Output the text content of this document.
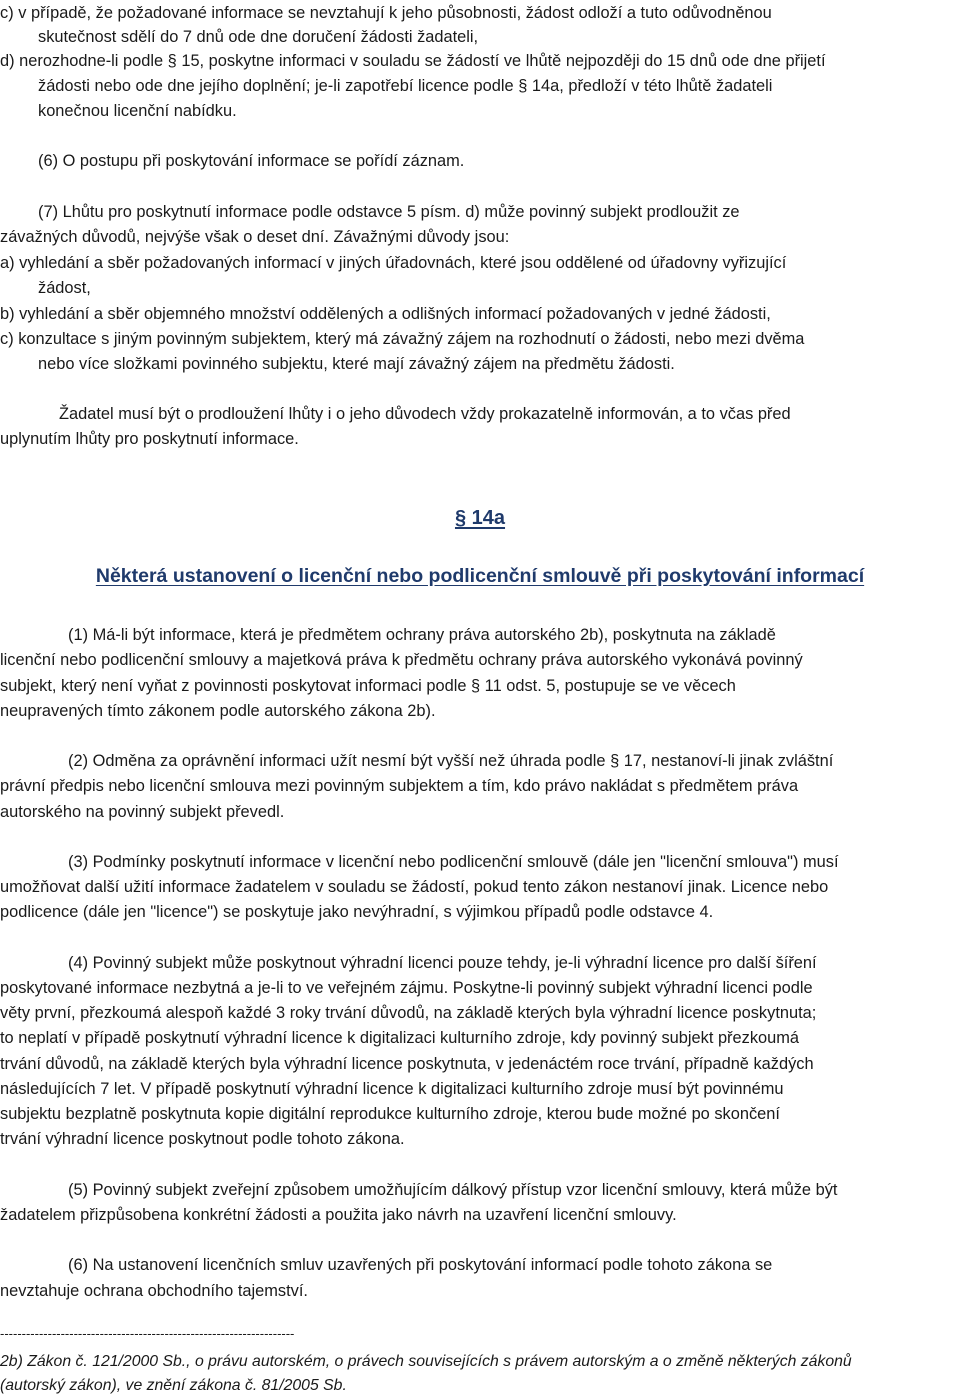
c) v případě, že požadované informace se nevztahují k jeho působnosti, žádost odloží a tuto odůvodněnou
skutečnost sdělí do 7 dnů ode dne doručení žádosti žadateli,
d) nerozhodne-li podle § 15, poskytne informaci v souladu se žádostí ve lhůtě nejpozději do 15 dnů ode dne přijetí
žádosti nebo ode dne jejího doplnění; je-li zapotřebí licence podle § 14a, předloží v této lhůtě žadateli
konečnou licenční nabídku.
(6) O postupu při poskytování informace se pořídí záznam.
(7) Lhůtu pro poskytnutí informace podle odstavce 5 písm. d) může povinný subjekt prodloužit ze
závažných důvodů, nejvýše však o deset dní. Závažnými důvody jsou:
a) vyhledání a sběr požadovaných informací v jiných úřadovnách, které jsou oddělené od úřadovny vyřizující
žádost,
b) vyhledání a sběr objemného množství oddělených a odlišných informací požadovaných v jedné žádosti,
c) konzultace s jiným povinným subjektem, který má závažný zájem na rozhodnutí o žádosti, nebo mezi dvěma
nebo více složkami povinného subjektu, které mají závažný zájem na předmětu žádosti.
Žadatel musí být o prodloužení lhůty i o jeho důvodech vždy prokazatelně informován, a to včas před
uplynutím lhůty pro poskytnutí informace.
§ 14a
Některá ustanovení o licenční nebo podlicenční smlouvě při poskytování informací
(1) Má-li být informace, která je předmětem ochrany práva autorského 2b), poskytnuta na základě
licenční nebo podlicenční smlouvy a majetková práva k předmětu ochrany práva autorského vykonává povinný
subjekt, který není vyňat z povinnosti poskytovat informaci podle § 11 odst. 5, postupuje se ve věcech
neupravených tímto zákonem podle autorského zákona 2b).
(2) Odměna za oprávnění informaci užít nesmí být vyšší než úhrada podle § 17, nestanoví-li jinak zvláštní
právní předpis nebo licenční smlouva mezi povinným subjektem a tím, kdo právo nakládat s předmětem práva
autorského na povinný subjekt převedl.
(3) Podmínky poskytnutí informace v licenční nebo podlicenční smlouvě (dále jen "licenční smlouva") musí
umožňovat další užití informace žadatelem v souladu se žádostí, pokud tento zákon nestanoví jinak. Licence nebo
podlicence (dále jen "licence") se poskytuje jako nevýhradní, s výjimkou případů podle odstavce 4.
(4) Povinný subjekt může poskytnout výhradní licenci pouze tehdy, je-li výhradní licence pro další šíření
poskytované informace nezbytná a je-li to ve veřejném zájmu. Poskytne-li povinný subjekt výhradní licenci podle
věty první, přezkoumá alespoň každé 3 roky trvání důvodů, na základě kterých byla výhradní licence poskytnuta;
to neplatí v případě poskytnutí výhradní licence k digitalizaci kulturního zdroje, kdy povinný subjekt přezkoumá
trvání důvodů, na základě kterých byla výhradní licence poskytnuta, v jedenáctém roce trvání, případně každých
následujících 7 let. V případě poskytnutí výhradní licence k digitalizaci kulturního zdroje musí být povinnému
subjektu bezplatně poskytnuta kopie digitální reprodukce kulturního zdroje, kterou bude možné po skončení
trvání výhradní licence poskytnout podle tohoto zákona.
(5) Povinný subjekt zveřejní způsobem umožňujícím dálkový přístup vzor licenční smlouvy, která může být
žadatelem přizpůsobena konkrétní žádosti a použita jako návrh na uzavření licenční smlouvy.
(6) Na ustanovení licenčních smluv uzavřených při poskytování informací podle tohoto zákona se
nevztahuje ochrana obchodního tajemství.
--------------------------------------------------------------------
2b) Zákon č. 121/2000 Sb., o právu autorském, o právech souvisejících s právem autorským a o změně některých zákonů
(autorský zákon), ve znění zákona č. 81/2005 Sb.
